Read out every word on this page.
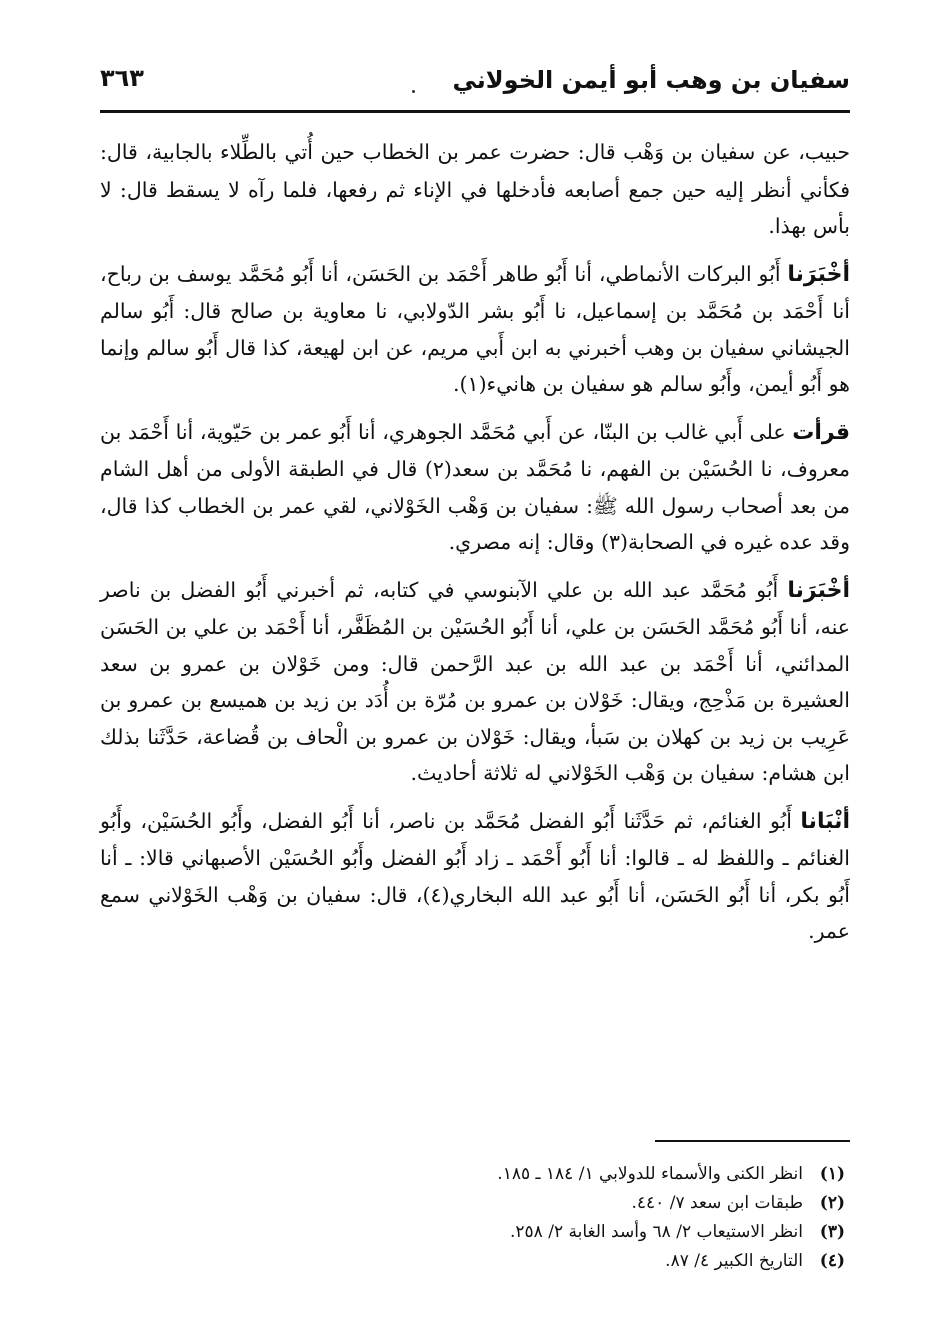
سفيان بن وهب أبو أيمن الخولاني
٣٦٣

حبيب، عن سفيان بن وَهْب قال: حضرت عمر بن الخطاب حين أُتي بالطِّلاء بالجابية، قال: فكأني أنظر إليه حين جمع أصابعه فأدخلها في الإناء ثم رفعها، فلما رآه لا يسقط قال: لا بأس بهذا.

أخْبَرَنا أَبُو البركات الأنماطي، أنا أَبُو طاهر أَحْمَد بن الحَسَن، أنا أَبُو مُحَمَّد يوسف بن رباح، أنا أَحْمَد بن مُحَمَّد بن إسماعيل، نا أَبُو بشر الدّولابي، نا معاوية بن صالح قال: أَبُو سالم الجيشاني سفيان بن وهب أخبرني به ابن أَبي مريم، عن ابن لهيعة، كذا قال أَبُو سالم وإنما هو أَبُو أيمن، وأَبُو سالم هو سفيان بن هانيء(١).

قرأت على أَبي غالب بن البنّا، عن أَبي مُحَمَّد الجوهري، أنا أَبُو عمر بن حَيّوية، أنا أَحْمَد بن معروف، نا الحُسَيْن بن الفهم، نا مُحَمَّد بن سعد(٢) قال في الطبقة الأولى من أهل الشام من بعد أصحاب رسول الله ﷺ: سفيان بن وَهْب الخَوْلاني، لقي عمر بن الخطاب كذا قال، وقد عده غيره في الصحابة(٣) وقال: إنه مصري.

أخْبَرَنا أَبُو مُحَمَّد عبد الله بن علي الآبنوسي في كتابه، ثم أخبرني أَبُو الفضل بن ناصر عنه، أنا أَبُو مُحَمَّد الحَسَن بن علي، أنا أَبُو الحُسَيْن بن المُظَفَّر، أنا أَحْمَد بن علي بن الحَسَن المدائني، أنا أَحْمَد بن عبد الله بن عبد الرَّحمن قال: ومن خَوْلان بن عمرو بن سعد العشيرة بن مَذْحِج، ويقال: خَوْلان بن عمرو بن مُرّة بن أُدَد بن زيد بن هميسع بن عمرو بن عَرِيب بن زيد بن كهلان بن سَبأ، ويقال: خَوْلان بن عمرو بن الْحاف بن قُضاعة، حَدَّثَنا بذلك ابن هشام: سفيان بن وَهْب الخَوْلاني له ثلاثة أحاديث.

أنْبَانا أَبُو الغنائم، ثم حَدَّثَنا أَبُو الفضل مُحَمَّد بن ناصر، أنا أَبُو الفضل، وأَبُو الحُسَيْن، وأَبُو الغنائم ـ واللفظ له ـ قالوا: أنا أَبُو أَحْمَد ـ زاد أَبُو الفضل وأَبُو الحُسَيْن الأصبهاني قالا: ـ أنا أَبُو بكر، أنا أَبُو الحَسَن، أنا أَبُو عبد الله البخاري(٤)، قال: سفيان بن وَهْب الخَوْلاني سمع عمر.

(١)
انظر الكنى والأسماء للدولابي ١/ ١٨٤ ـ ١٨٥.
(٢)
طبقات ابن سعد ٧/ ٤٤٠.
(٣)
انظر الاستيعاب ٢/ ٦٨ وأسد الغابة ٢/ ٢٥٨.
(٤)
التاريخ الكبير ٤/ ٨٧.
